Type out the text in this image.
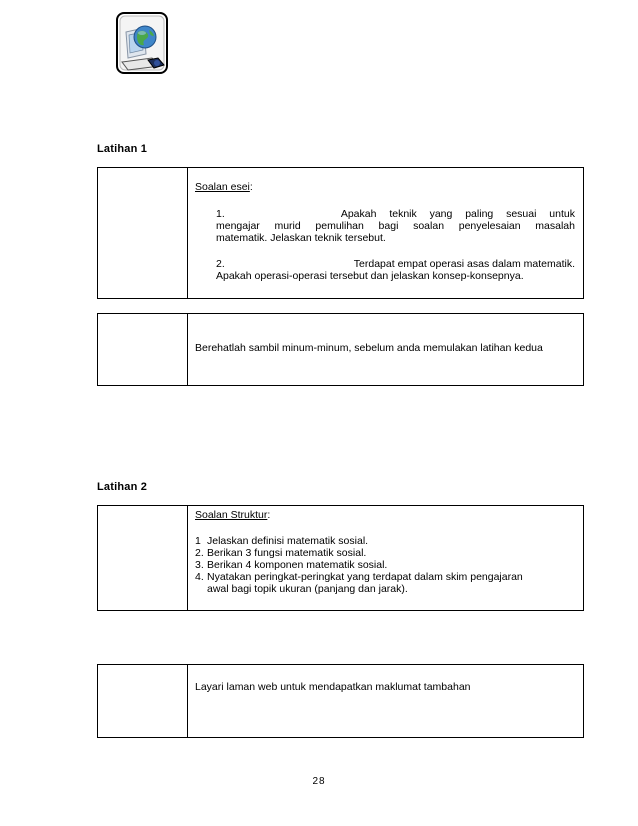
Latihan 1
Soalan esei:
1.	Apakah teknik yang paling sesuai untuk
mengajar murid pemulihan bagi soalan penyelesaian masalah
matematik. Jelaskan teknik tersebut.
2.	Terdapat empat operasi asas dalam matematik.
Apakah operasi-operasi tersebut dan jelaskan konsep-konsepnya.
Berehatlah sambil minum-minum, sebelum anda memulakan latihan kedua
Latihan 2
Soalan Struktur:
1 Jelaskan definisi matematik sosial.
2. Berikan 3 fungsi matematik sosial.
3. Berikan 4 komponen matematik sosial.
4. Nyatakan peringkat-peringkat yang terdapat dalam skim pengajaran
awal bagi topik ukuran (panjang dan jarak).
Layari laman web untuk mendapatkan maklumat tambahan
28
